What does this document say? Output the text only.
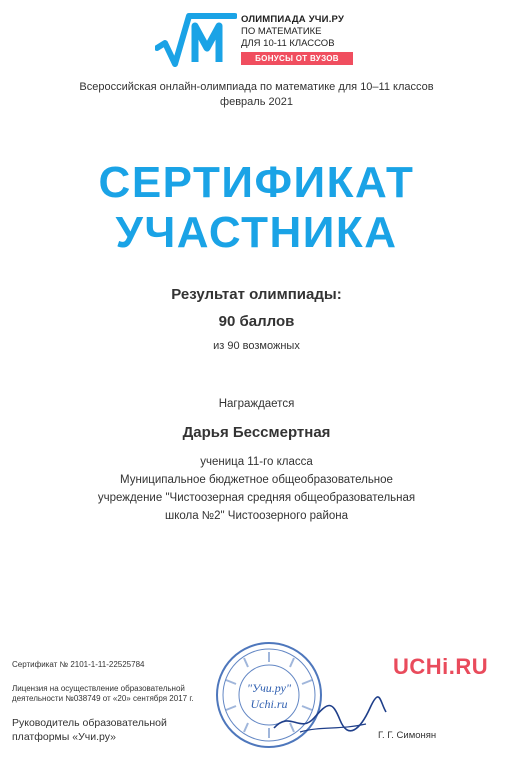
ОЛИМПИАДА УЧИ.РУ
ПО МАТЕМАТИКЕ
ДЛЯ 10-11 КЛАССОВ
БОНУСЫ ОТ ВУЗОВ
Всероссийская онлайн-олимпиада по математике для 10–11 классов
февраль 2021
СЕРТИФИКАТ
УЧАСТНИКА
Результат олимпиады:
90 баллов
из 90 возможных
Награждается
Дарья Бессмертная
ученица 11-го класса
Муниципальное бюджетное общеобразовательное
учреждение "Чистоозерная средняя общеобразовательная
школа №2" Чистоозерного района
Сертификат № 2101-1-11-22525784
Лицензия на осуществление образовательной
деятельности №038749 от «20» сентября 2017 г.
Руководитель образовательной
платформы «Учи.ру»
"Учи.ру"
Uchi.ru
Г. Г. Симонян
UCHi.RU
